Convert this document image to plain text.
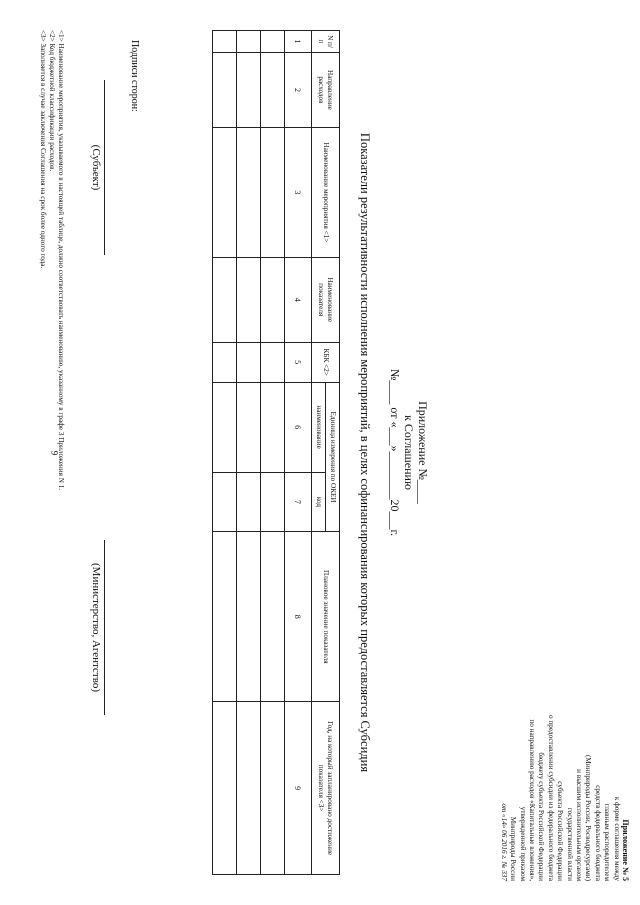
9
Приложение № 5
к форме соглашения между
главным распорядителем
средств федерального бюджета
(Минприроды России, Росводресурсами)
и высшим исполнительным органом
государственной власти
субъекта Российской Федерации
о предоставлении субсидии из федерального бюджета
бюджету субъекта Российской Федерации
по направлению расходов «Капитальные вложения»,
утвержденной приказом
Минприроды России
от «14» 06 2016 г. № 337
Приложение №____
к Соглашению
№____ от «___»________20___г.
Показатели результативности исполнения мероприятий, в целях софинансирования которых предоставляется Субсидия
N п/п	Направление расходов	Наименование мероприятия <1>	Наименование показателя	КБК <2>	Единица измерения по ОКЕИ		Плановое значение показателя	Год, на который запланировано достижение показателя <3>
					наименование	код		
1	2	3	4	5	6	7	8	9

Подписи сторон:
(Субъект)
(Министерство, Агентство)
<1> Наименование мероприятия, указываемого в настоящей таблице, должно соответствовать наименованию, указанному в графе 3 Приложения N 1.
<2> Код бюджетной классификации расходов.
<3> Заполняется в случае заключения Соглашения на срок более одного года.
